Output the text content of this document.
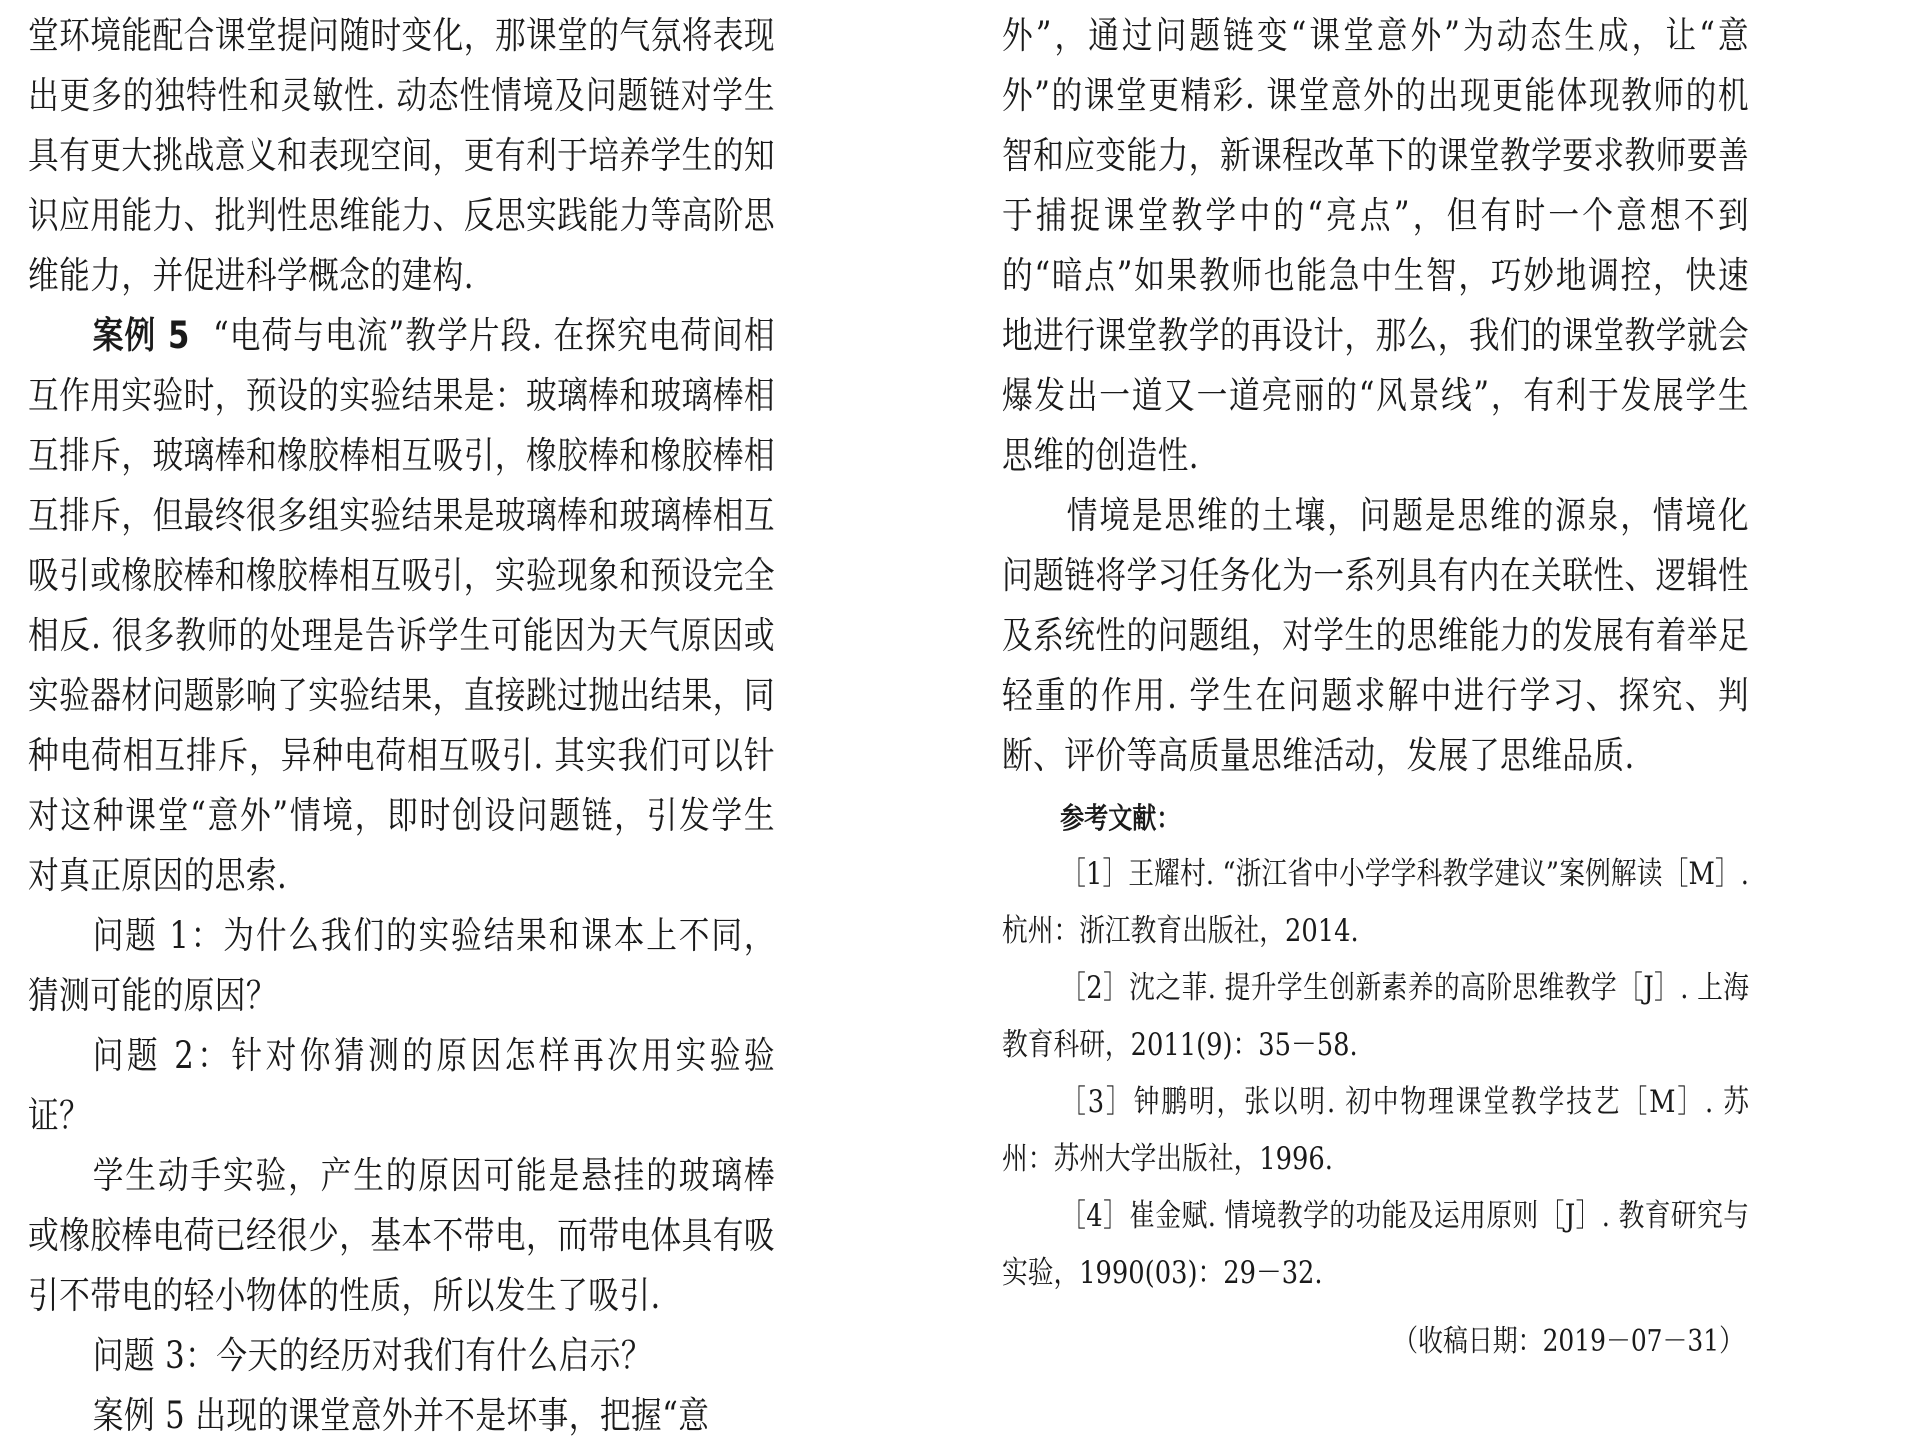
堂环境能配合课堂提问随时变化，那课堂的气氛将表现出更多的独特性和灵敏性. 动态性情境及问题链对学生具有更大挑战意义和表现空间，更有利于培养学生的知识应用能力、批判性思维能力、反思实践能力等高阶思维能力，并促进科学概念的建构.

案例 5 “电荷与电流”教学片段. 在探究电荷间相互作用实验时，预设的实验结果是：玻璃棒和玻璃棒相互排斥，玻璃棒和橡胶棒相互吸引，橡胶棒和橡胶棒相互排斥，但最终很多组实验结果是玻璃棒和玻璃棒相互吸引或橡胶棒和橡胶棒相互吸引，实验现象和预设完全相反. 很多教师的处理是告诉学生可能因为天气原因或实验器材问题影响了实验结果，直接跳过抛出结果，同种电荷相互排斥，异种电荷相互吸引. 其实我们可以针对这种课堂“意外”情境，即时创设问题链，引发学生对真正原因的思索.

问题 1：为什么我们的实验结果和课本上不同，猜测可能的原因？

问题 2：针对你猜测的原因怎样再次用实验验证？

学生动手实验，产生的原因可能是悬挂的玻璃棒或橡胶棒电荷已经很少，基本不带电，而带电体具有吸引不带电的轻小物体的性质，所以发生了吸引.

问题 3：今天的经历对我们有什么启示？

案例 5 出现的课堂意外并不是坏事，把握“意

外”，通过问题链变“课堂意外”为动态生成，让“意外”的课堂更精彩. 课堂意外的出现更能体现教师的机智和应变能力，新课程改革下的课堂教学要求教师要善于捕捉课堂教学中的“亮点”，但有时一个意想不到的“暗点”如果教师也能急中生智，巧妙地调控，快速地进行课堂教学的再设计，那么，我们的课堂教学就会爆发出一道又一道亮丽的“风景线”，有利于发展学生思维的创造性.

情境是思维的土壤，问题是思维的源泉，情境化问题链将学习任务化为一系列具有内在关联性、逻辑性及系统性的问题组，对学生的思维能力的发展有着举足轻重的作用. 学生在问题求解中进行学习、探究、判断、评价等高质量思维活动，发展了思维品质.

参考文献：

［1］王耀村. “浙江省中小学学科教学建议”案例解读［M］. 杭州：浙江教育出版社，2014.

［2］沈之菲. 提升学生创新素养的高阶思维教学［J］. 上海教育科研，2011(9)：35－58.

［3］钟鹏明，张以明. 初中物理课堂教学技艺［M］. 苏州：苏州大学出版社，1996.

［4］崔金赋. 情境教学的功能及运用原则［J］. 教育研究与实验，1990(03)：29－32.

（收稿日期：2019－07－31）
